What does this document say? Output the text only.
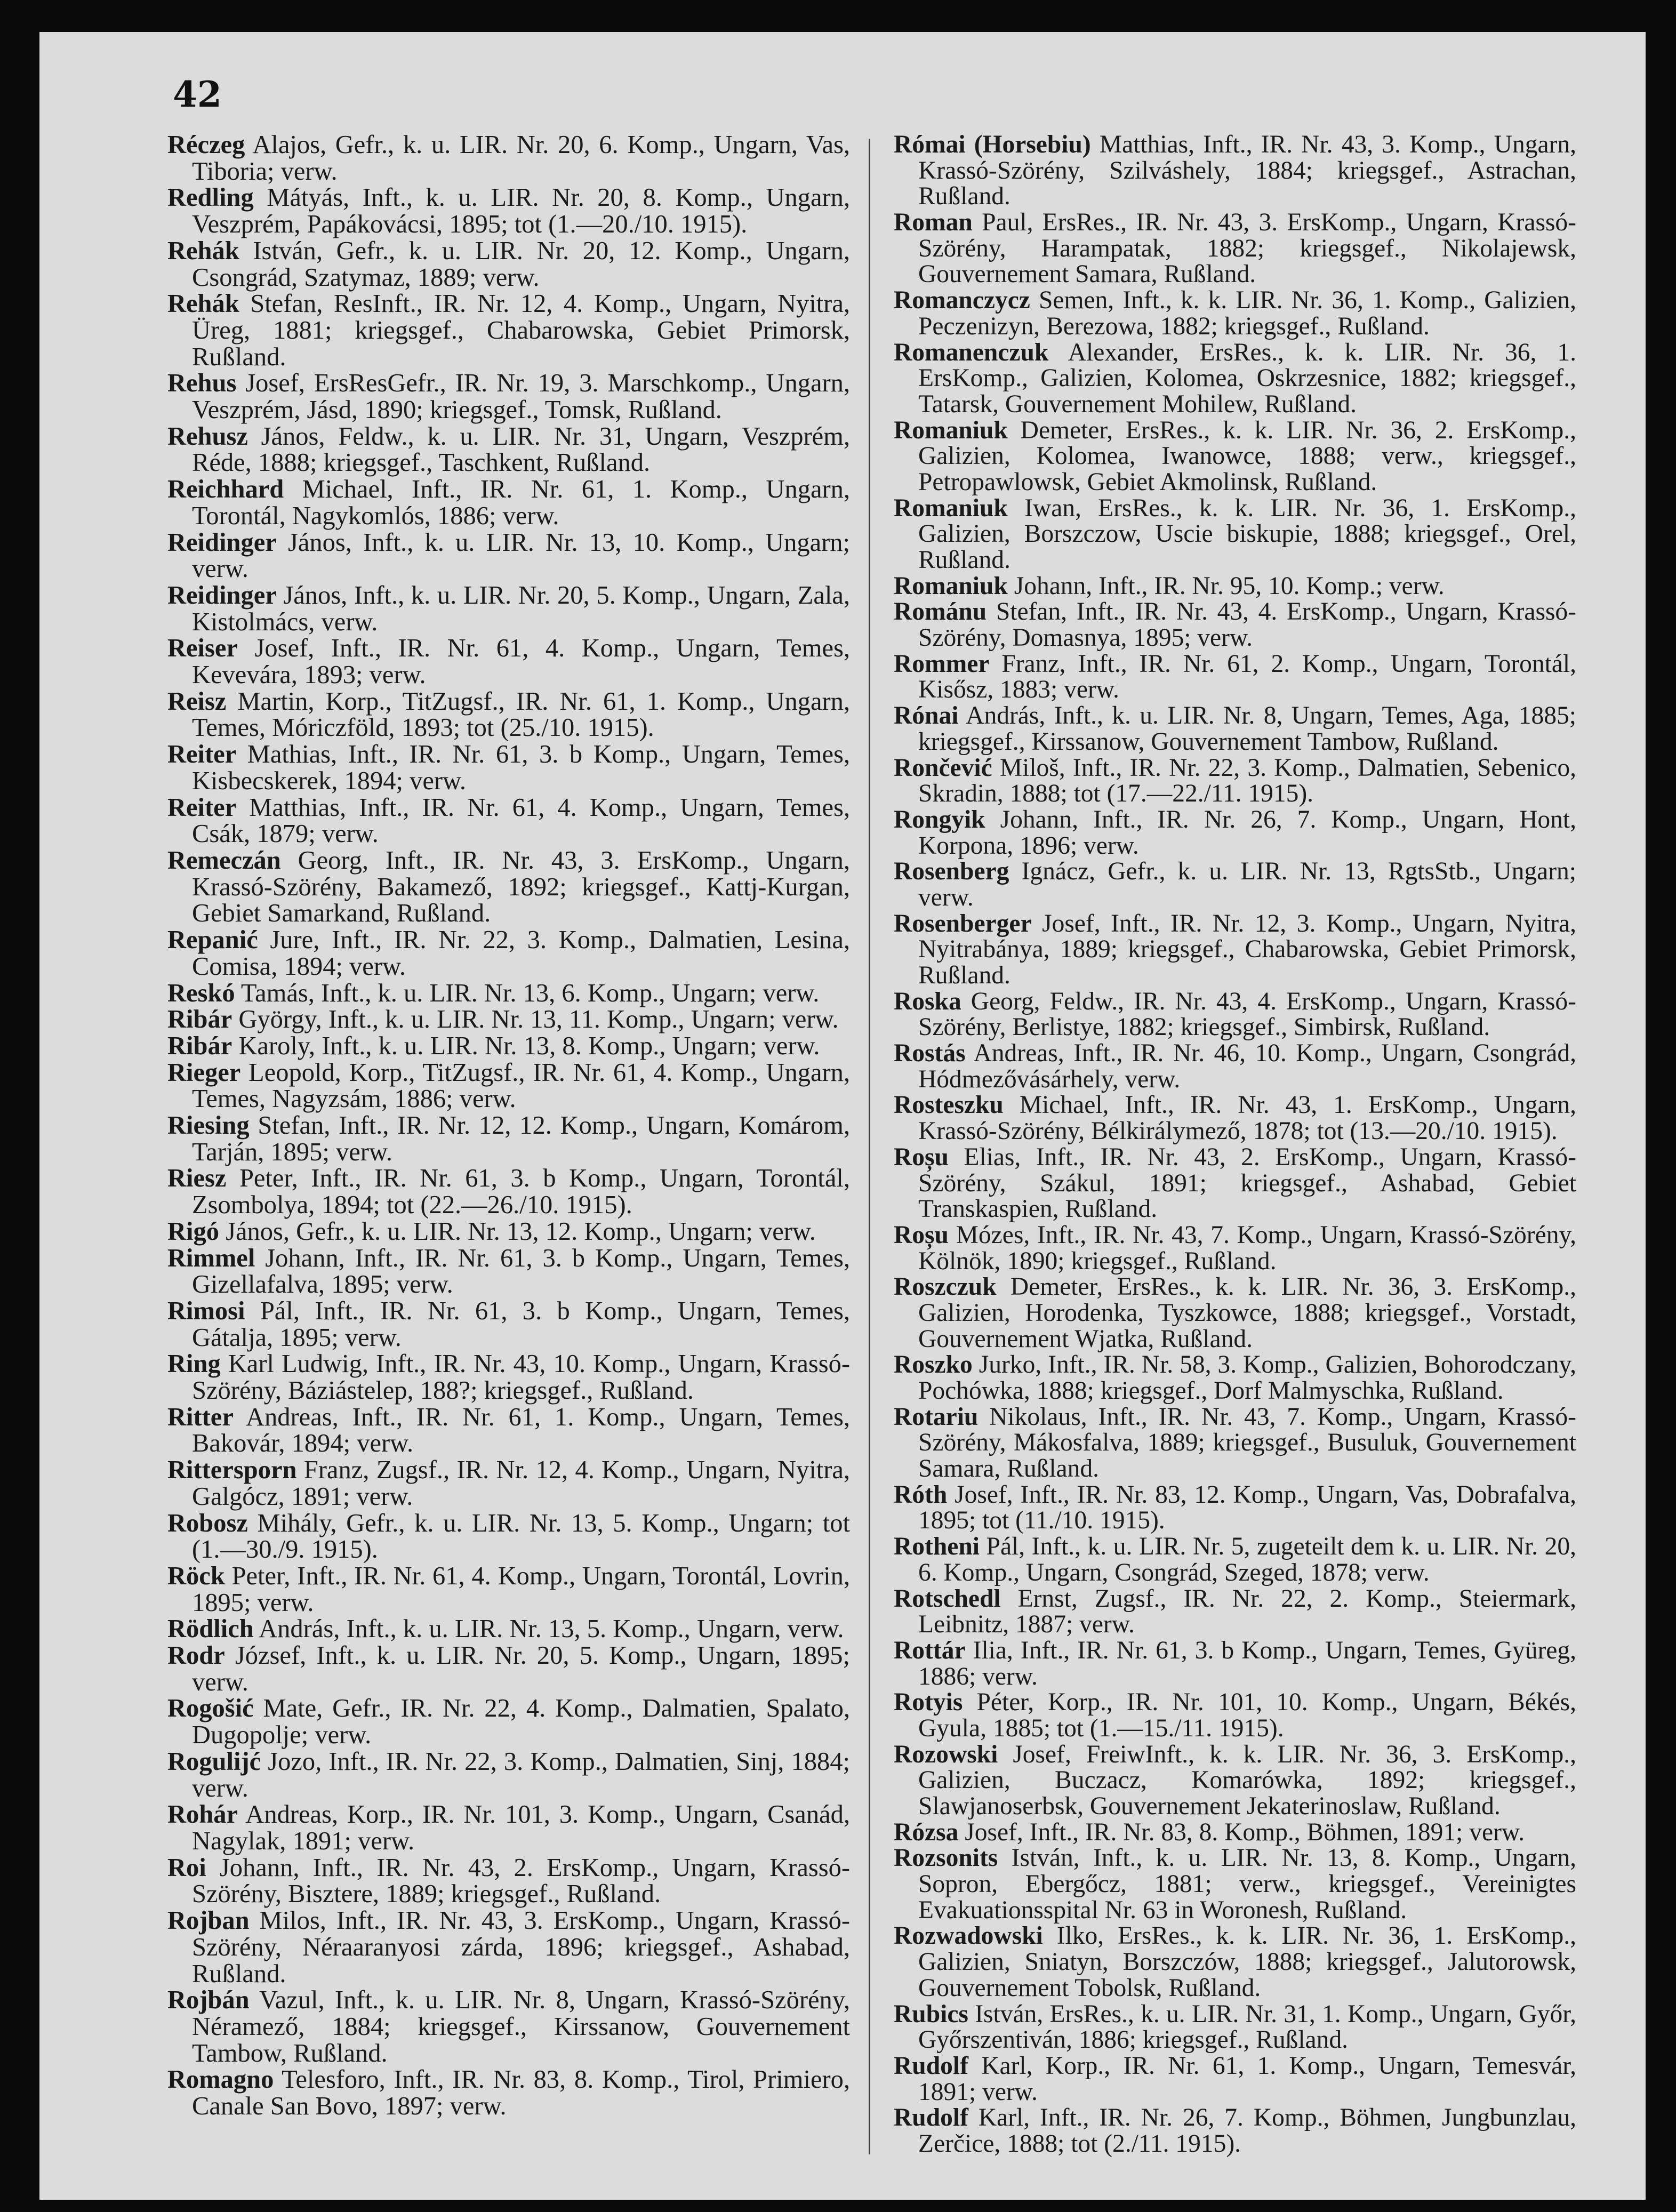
42

Réczeg Alajos, Gefr., k. u. LIR. Nr. 20, 6. Komp., Ungarn, Vas, Tiboria; verw.

Redling Mátyás, Inft., k. u. LIR. Nr. 20, 8. Komp., Ungarn, Veszprém, Papákovácsi, 1895; tot (1.—20./10. 1915).

Rehák István, Gefr., k. u. LIR. Nr. 20, 12. Komp., Ungarn, Csongrád, Szatymaz, 1889; verw.

Rehák Stefan, ResInft., IR. Nr. 12, 4. Komp., Ungarn, Nyitra, Üreg, 1881; kriegsgef., Chabarowska, Gebiet Primorsk, Rußland.

Rehus Josef, ErsResGefr., IR. Nr. 19, 3. Marschkomp., Ungarn, Veszprém, Jásd, 1890; kriegsgef., Tomsk, Rußland.

Rehusz János, Feldw., k. u. LIR. Nr. 31, Ungarn, Veszprém, Réde, 1888; kriegsgef., Taschkent, Rußland.

Reichhard Michael, Inft., IR. Nr. 61, 1. Komp., Ungarn, Torontál, Nagykomlós, 1886; verw.

Reidinger János, Inft., k. u. LIR. Nr. 13, 10. Komp., Ungarn; verw.

Reidinger János, Inft., k. u. LIR. Nr. 20, 5. Komp., Ungarn, Zala, Kistolmács, verw.

Reiser Josef, Inft., IR. Nr. 61, 4. Komp., Ungarn, Temes, Kevevára, 1893; verw.

Reisz Martin, Korp., TitZugsf., IR. Nr. 61, 1. Komp., Ungarn, Temes, Móriczföld, 1893; tot (25./10. 1915).

Reiter Mathias, Inft., IR. Nr. 61, 3. b Komp., Ungarn, Temes, Kisbecskerek, 1894; verw.

Reiter Matthias, Inft., IR. Nr. 61, 4. Komp., Ungarn, Temes, Csák, 1879; verw.

Remeczán Georg, Inft., IR. Nr. 43, 3. ErsKomp., Ungarn, Krassó-Szörény, Bakamező, 1892; kriegsgef., Kattj-Kurgan, Gebiet Samarkand, Rußland.

Repanić Jure, Inft., IR. Nr. 22, 3. Komp., Dalmatien, Lesina, Comisa, 1894; verw.

Reskó Tamás, Inft., k. u. LIR. Nr. 13, 6. Komp., Ungarn; verw.

Ribár György, Inft., k. u. LIR. Nr. 13, 11. Komp., Ungarn; verw.

Ribár Karoly, Inft., k. u. LIR. Nr. 13, 8. Komp., Ungarn; verw.

Rieger Leopold, Korp., TitZugsf., IR. Nr. 61, 4. Komp., Ungarn, Temes, Nagyzsám, 1886; verw.

Riesing Stefan, Inft., IR. Nr. 12, 12. Komp., Ungarn, Komárom, Tarján, 1895; verw.

Riesz Peter, Inft., IR. Nr. 61, 3. b Komp., Ungarn, Torontál, Zsombolya, 1894; tot (22.—26./10. 1915).

Rigó János, Gefr., k. u. LIR. Nr. 13, 12. Komp., Ungarn; verw.

Rimmel Johann, Inft., IR. Nr. 61, 3. b Komp., Ungarn, Temes, Gizellafalva, 1895; verw.

Rimosi Pál, Inft., IR. Nr. 61, 3. b Komp., Ungarn, Temes, Gátalja, 1895; verw.

Ring Karl Ludwig, Inft., IR. Nr. 43, 10. Komp., Ungarn, Krassó-Szörény, Báziástelep, 188?; kriegsgef., Rußland.

Ritter Andreas, Inft., IR. Nr. 61, 1. Komp., Ungarn, Temes, Bakovár, 1894; verw.

Rittersporn Franz, Zugsf., IR. Nr. 12, 4. Komp., Ungarn, Nyitra, Galgócz, 1891; verw.

Robosz Mihály, Gefr., k. u. LIR. Nr. 13, 5. Komp., Ungarn; tot (1.—30./9. 1915).

Röck Peter, Inft., IR. Nr. 61, 4. Komp., Ungarn, Torontál, Lovrin, 1895; verw.

Rödlich András, Inft., k. u. LIR. Nr. 13, 5. Komp., Ungarn, verw.

Rodr József, Inft., k. u. LIR. Nr. 20, 5. Komp., Ungarn, 1895; verw.

Rogošić Mate, Gefr., IR. Nr. 22, 4. Komp., Dalmatien, Spalato, Dugopolje; verw.

Rogulijć Jozo, Inft., IR. Nr. 22, 3. Komp., Dalmatien, Sinj, 1884; verw.

Rohár Andreas, Korp., IR. Nr. 101, 3. Komp., Ungarn, Csanád, Nagylak, 1891; verw.

Roi Johann, Inft., IR. Nr. 43, 2. ErsKomp., Ungarn, Krassó-Szörény, Bisztere, 1889; kriegsgef., Rußland.

Rojban Milos, Inft., IR. Nr. 43, 3. ErsKomp., Ungarn, Krassó-Szörény, Néraaranyosi zárda, 1896; kriegsgef., Ashabad, Rußland.

Rojbán Vazul, Inft., k. u. LIR. Nr. 8, Ungarn, Krassó-Szörény, Néramező, 1884; kriegsgef., Kirssanow, Gouvernement Tambow, Rußland.

Romagno Telesforo, Inft., IR. Nr. 83, 8. Komp., Tirol, Primiero, Canale San Bovo, 1897; verw.

Római (Horsebiu) Matthias, Inft., IR. Nr. 43, 3. Komp., Ungarn, Krassó-Szörény, Szilváshely, 1884; kriegsgef., Astrachan, Rußland.

Roman Paul, ErsRes., IR. Nr. 43, 3. ErsKomp., Ungarn, Krassó-Szörény, Harampatak, 1882; kriegsgef., Nikolajewsk, Gouvernement Samara, Rußland.

Romanczycz Semen, Inft., k. k. LIR. Nr. 36, 1. Komp., Galizien, Peczenizyn, Berezowa, 1882; kriegsgef., Rußland.

Romanenczuk Alexander, ErsRes., k. k. LIR. Nr. 36, 1. ErsKomp., Galizien, Kolomea, Oskrzesnice, 1882; kriegsgef., Tatarsk, Gouvernement Mohilew, Rußland.

Romaniuk Demeter, ErsRes., k. k. LIR. Nr. 36, 2. ErsKomp., Galizien, Kolomea, Iwanowce, 1888; verw., kriegsgef., Petropawlowsk, Gebiet Akmolinsk, Rußland.

Romaniuk Iwan, ErsRes., k. k. LIR. Nr. 36, 1. ErsKomp., Galizien, Borszczow, Uscie biskupie, 1888; kriegsgef., Orel, Rußland.

Romaniuk Johann, Inft., IR. Nr. 95, 10. Komp.; verw.

Románu Stefan, Inft., IR. Nr. 43, 4. ErsKomp., Ungarn, Krassó-Szörény, Domasnya, 1895; verw.

Rommer Franz, Inft., IR. Nr. 61, 2. Komp., Ungarn, Torontál, Kisősz, 1883; verw.

Rónai András, Inft., k. u. LIR. Nr. 8, Ungarn, Temes, Aga, 1885; kriegsgef., Kirssanow, Gouvernement Tambow, Rußland.

Rončević Miloš, Inft., IR. Nr. 22, 3. Komp., Dalmatien, Sebenico, Skradin, 1888; tot (17.—22./11. 1915).

Rongyik Johann, Inft., IR. Nr. 26, 7. Komp., Ungarn, Hont, Korpona, 1896; verw.

Rosenberg Ignácz, Gefr., k. u. LIR. Nr. 13, RgtsStb., Ungarn; verw.

Rosenberger Josef, Inft., IR. Nr. 12, 3. Komp., Ungarn, Nyitra, Nyitrabánya, 1889; kriegsgef., Chabarowska, Gebiet Primorsk, Rußland.

Roska Georg, Feldw., IR. Nr. 43, 4. ErsKomp., Ungarn, Krassó-Szörény, Berlistye, 1882; kriegsgef., Simbirsk, Rußland.

Rostás Andreas, Inft., IR. Nr. 46, 10. Komp., Ungarn, Csongrád, Hódmezővásárhely, verw.

Rosteszku Michael, Inft., IR. Nr. 43, 1. ErsKomp., Ungarn, Krassó-Szörény, Bélkirálymező, 1878; tot (13.—20./10. 1915).

Roșu Elias, Inft., IR. Nr. 43, 2. ErsKomp., Ungarn, Krassó-Szörény, Szákul, 1891; kriegsgef., Ashabad, Gebiet Transkaspien, Rußland.

Roșu Mózes, Inft., IR. Nr. 43, 7. Komp., Ungarn, Krassó-Szörény, Kölnök, 1890; kriegsgef., Rußland.

Roszczuk Demeter, ErsRes., k. k. LIR. Nr. 36, 3. ErsKomp., Galizien, Horodenka, Tyszkowce, 1888; kriegsgef., Vorstadt, Gouvernement Wjatka, Rußland.

Roszko Jurko, Inft., IR. Nr. 58, 3. Komp., Galizien, Bohorodczany, Pochówka, 1888; kriegsgef., Dorf Malmyschka, Rußland.

Rotariu Nikolaus, Inft., IR. Nr. 43, 7. Komp., Ungarn, Krassó-Szörény, Mákosfalva, 1889; kriegsgef., Busuluk, Gouvernement Samara, Rußland.

Róth Josef, Inft., IR. Nr. 83, 12. Komp., Ungarn, Vas, Dobrafalva, 1895; tot (11./10. 1915).

Rotheni Pál, Inft., k. u. LIR. Nr. 5, zugeteilt dem k. u. LIR. Nr. 20, 6. Komp., Ungarn, Csongrád, Szeged, 1878; verw.

Rotschedl Ernst, Zugsf., IR. Nr. 22, 2. Komp., Steiermark, Leibnitz, 1887; verw.

Rottár Ilia, Inft., IR. Nr. 61, 3. b Komp., Ungarn, Temes, Gyüreg, 1886; verw.

Rotyis Péter, Korp., IR. Nr. 101, 10. Komp., Ungarn, Békés, Gyula, 1885; tot (1.—15./11. 1915).

Rozowski Josef, FreiwInft., k. k. LIR. Nr. 36, 3. ErsKomp., Galizien, Buczacz, Komarówka, 1892; kriegsgef., Slawjanoserbsk, Gouvernement Jekaterinoslaw, Rußland.

Rózsa Josef, Inft., IR. Nr. 83, 8. Komp., Böhmen, 1891; verw.

Rozsonits István, Inft., k. u. LIR. Nr. 13, 8. Komp., Ungarn, Sopron, Ebergőcz, 1881; verw., kriegsgef., Vereinigtes Evakuationsspital Nr. 63 in Woronesh, Rußland.

Rozwadowski Ilko, ErsRes., k. k. LIR. Nr. 36, 1. ErsKomp., Galizien, Sniatyn, Borszczów, 1888; kriegsgef., Jalutorowsk, Gouvernement Tobolsk, Rußland.

Rubics István, ErsRes., k. u. LIR. Nr. 31, 1. Komp., Ungarn, Győr, Győrszentiván, 1886; kriegsgef., Rußland.

Rudolf Karl, Korp., IR. Nr. 61, 1. Komp., Ungarn, Temesvár, 1891; verw.

Rudolf Karl, Inft., IR. Nr. 26, 7. Komp., Böhmen, Jungbunzlau, Zerčice, 1888; tot (2./11. 1915).
